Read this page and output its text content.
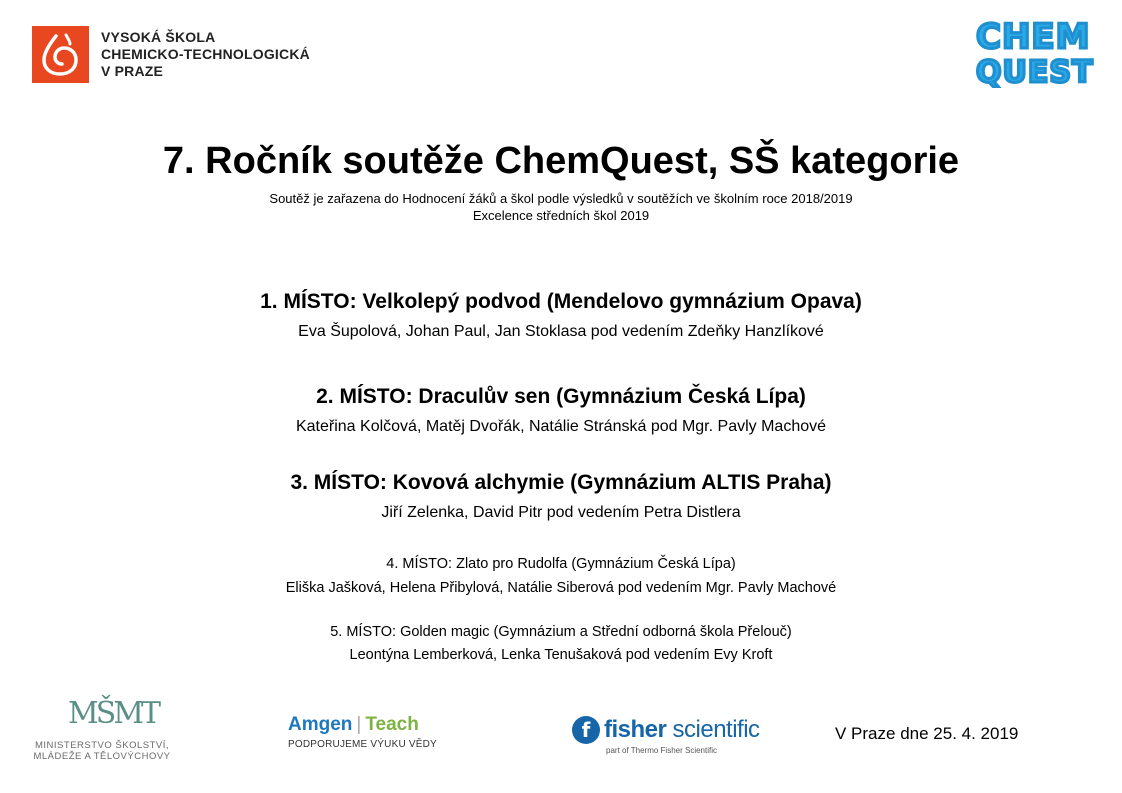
VYSOKÁ ŠKOLA
CHEMICKO-TECHNOLOGICKÁ
V PRAZE
CHEM
QUEST
7. Ročník soutěže ChemQuest, SŠ kategorie
Soutěž je zařazena do Hodnocení žáků a škol podle výsledků v soutěžích ve školním roce 2018/2019
Excelence středních škol 2019
1. MÍSTO: Velkolepý podvod (Mendelovo gymnázium Opava)
Eva Šupolová, Johan Paul, Jan Stoklasa pod vedením Zdeňky Hanzlíkové
2. MÍSTO: Draculův sen (Gymnázium Česká Lípa)
Kateřina Kolčová, Matěj Dvořák, Natálie Stránská pod Mgr. Pavly Machové
3. MÍSTO: Kovová alchymie (Gymnázium ALTIS Praha)
Jiří Zelenka, David Pitr pod vedením Petra Distlera
4. MÍSTO: Zlato pro Rudolfa (Gymnázium Česká Lípa)
Eliška Jašková, Helena Přibylová, Natálie Siberová pod vedením Mgr. Pavly Machové
5. MÍSTO: Golden magic (Gymnázium a Střední odborná škola Přelouč)
Leontýna Lemberková, Lenka Tenušaková pod vedením Evy Kroft
MŠMT
MINISTERSTVO ŠKOLSTVÍ,
MLÁDEŽE A TĚLOVÝCHOVY
Amgen | Teach
PODPORUJEME VÝUKU VĚDY
f fisher scientific
part of Thermo Fisher Scientific
V Praze dne 25. 4. 2019
